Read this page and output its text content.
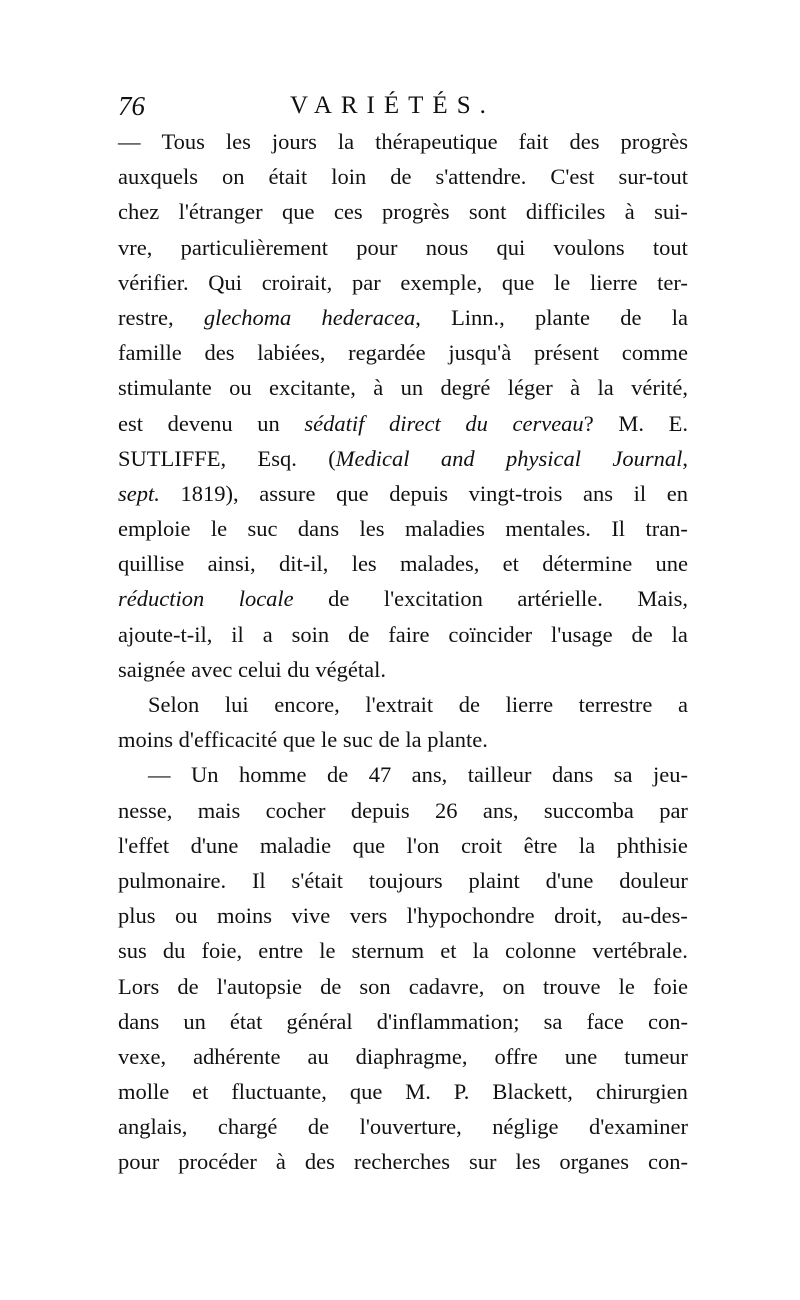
76	VARIÉTÉS.
— Tous les jours la thérapeutique fait des progrès
auxquels on était loin de s'attendre. C'est sur-tout
chez l'étranger que ces progrès sont difficiles à sui-
vre, particulièrement pour nous qui voulons tout
vérifier. Qui croirait, par exemple, que le lierre ter-
restre, glechoma hederacea, Linn., plante de la
famille des labiées, regardée jusqu'à présent comme
stimulante ou excitante, à un degré léger à la vérité,
est devenu un sédatif direct du cerveau? M. E.
SUTLIFFE, Esq. (Medical and physical Journal,
sept. 1819), assure que depuis vingt-trois ans il en
emploie le suc dans les maladies mentales. Il tran-
quillise ainsi, dit-il, les malades, et détermine une
réduction locale de l'excitation artérielle. Mais,
ajoute-t-il, il a soin de faire coïncider l'usage de la
saignée avec celui du végétal.
Selon lui encore, l'extrait de lierre terrestre a
moins d'efficacité que le suc de la plante.
— Un homme de 47 ans, tailleur dans sa jeu-
nesse, mais cocher depuis 26 ans, succomba par
l'effet d'une maladie que l'on croit être la phthisie
pulmonaire. Il s'était toujours plaint d'une douleur
plus ou moins vive vers l'hypochondre droit, au-des-
sus du foie, entre le sternum et la colonne vertébrale.
Lors de l'autopsie de son cadavre, on trouve le foie
dans un état général d'inflammation; sa face con-
vexe, adhérente au diaphragme, offre une tumeur
molle et fluctuante, que M. P. Blackett, chirurgien
anglais, chargé de l'ouverture, néglige d'examiner
pour procéder à des recherches sur les organes con-
